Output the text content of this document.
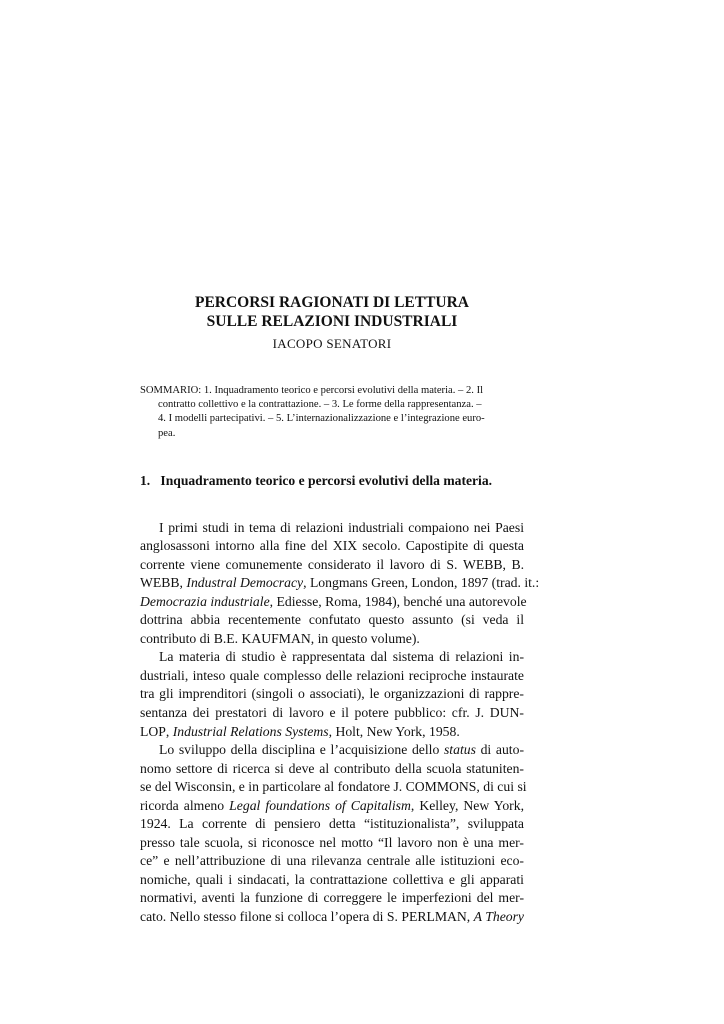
PERCORSI RAGIONATI DI LETTURA
SULLE RELAZIONI INDUSTRIALI
IACOPO SENATORI
SOMMARIO: 1. Inquadramento teorico e percorsi evolutivi della materia. – 2. Il
contratto collettivo e la contrattazione. – 3. Le forme della rappresentanza. –
4. I modelli partecipativi. – 5. L’internazionalizzazione e l’integrazione euro-
pea.
1. Inquadramento teorico e percorsi evolutivi della materia.
I primi studi in tema di relazioni industriali compaiono nei Paesi
anglosassoni intorno alla fine del XIX secolo. Capostipite di questa
corrente viene comunemente considerato il lavoro di S. WEBB, B.
WEBB, Industral Democracy, Longmans Green, London, 1897 (trad. it.:
Democrazia industriale, Ediesse, Roma, 1984), benché una autorevole
dottrina abbia recentemente confutato questo assunto (si veda il
contributo di B.E. KAUFMAN, in questo volume).
La materia di studio è rappresentata dal sistema di relazioni in-
dustriali, inteso quale complesso delle relazioni reciproche instaurate
tra gli imprenditori (singoli o associati), le organizzazioni di rappre-
sentanza dei prestatori di lavoro e il potere pubblico: cfr. J. DUN-
LOP, Industrial Relations Systems, Holt, New York, 1958.
Lo sviluppo della disciplina e l’acquisizione dello status di auto-
nomo settore di ricerca si deve al contributo della scuola statuniten-
se del Wisconsin, e in particolare al fondatore J. COMMONS, di cui si
ricorda almeno Legal foundations of Capitalism, Kelley, New York,
1924. La corrente di pensiero detta “istituzionalista”, sviluppata
presso tale scuola, si riconosce nel motto “Il lavoro non è una mer-
ce” e nell’attribuzione di una rilevanza centrale alle istituzioni eco-
nomiche, quali i sindacati, la contrattazione collettiva e gli apparati
normativi, aventi la funzione di correggere le imperfezioni del mer-
cato. Nello stesso filone si colloca l’opera di S. PERLMAN, A Theory
